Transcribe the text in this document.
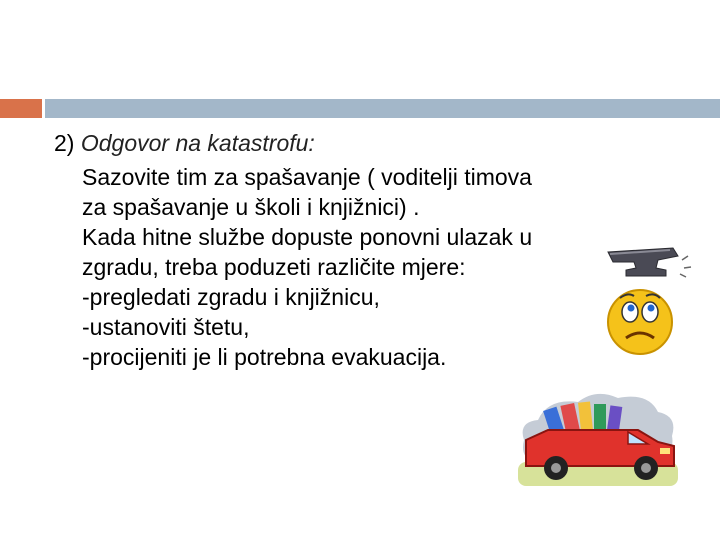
2) Odgovor na katastrofu:
Sazovite tim za spašavanje ( voditelji timova
za spašavanje u školi i knjižnici) .
Kada hitne službe dopuste ponovni ulazak u
zgradu, treba poduzeti različite mjere:
-pregledati zgradu i knjižnicu,
-ustanoviti štetu,
-procijeniti je li potrebna evakuacija.
